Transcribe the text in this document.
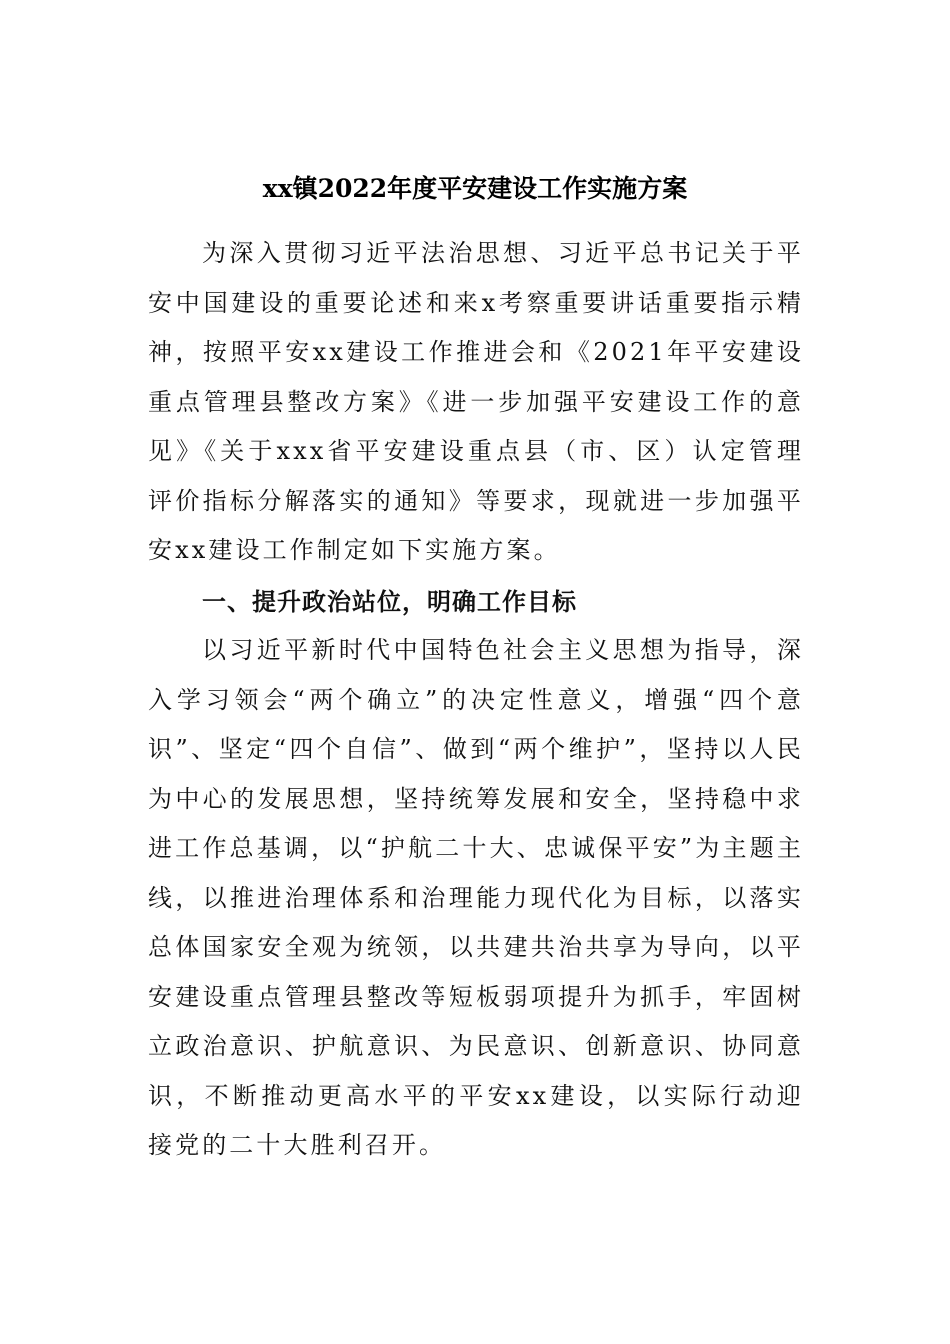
xx镇2022年度平安建设工作实施方案

为深入贯彻习近平法治思想、习近平总书记关于平安中国建设的重要论述和来x考察重要讲话重要指示精神，按照平安xx建设工作推进会和《2021年平安建设重点管理县整改方案》《进一步加强平安建设工作的意见》《关于xxx省平安建设重点县（市、区）认定管理评价指标分解落实的通知》等要求，现就进一步加强平安xx建设工作制定如下实施方案。

一、提升政治站位，明确工作目标

以习近平新时代中国特色社会主义思想为指导，深入学习领会“两个确立”的决定性意义，增强“四个意识”、坚定“四个自信”、做到“两个维护”，坚持以人民为中心的发展思想，坚持统筹发展和安全，坚持稳中求进工作总基调，以“护航二十大、忠诚保平安”为主题主线，以推进治理体系和治理能力现代化为目标，以落实总体国家安全观为统领，以共建共治共享为导向，以平安建设重点管理县整改等短板弱项提升为抓手，牢固树立政治意识、护航意识、为民意识、创新意识、协同意识，不断推动更高水平的平安xx建设，以实际行动迎接党的二十大胜利召开。
